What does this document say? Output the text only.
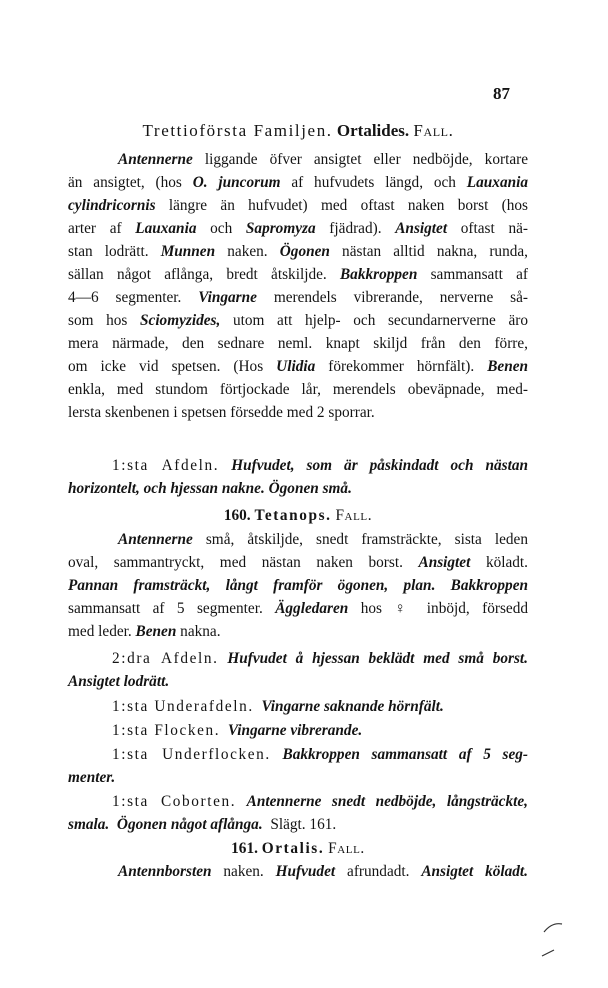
87
Trettioförsta Familjen. Ortalides. Fall.
Antennerne liggande öfver ansigtet eller nedböjde, kortare
än ansigtet, (hos O. juncorum af hufvudets längd, och Lauxania
cylindricornis längre än hufvudet) med oftast naken borst (hos
arter af Lauxania och Sapromyza fjädrad). Ansigtet oftast nä-
stan lodrätt. Munnen naken. Ögonen nästan alltid nakna, runda,
sällan något aflånga, bredt åtskiljde. Bakkroppen sammansatt af
4—6 segmenter. Vingarne merendels vibrerande, nerverne så-
som hos Sciomyzides, utom att hjelp- och secundarnerverne äro
mera närmade, den sednare neml. knapt skiljd från den förre,
om icke vid spetsen. (Hos Ulidia förekommer hörnfält). Benen
enkla, med stundom förtjockade lår, merendels obeväpnade, med-
lersta skenbenen i spetsen försedde med 2 sporrar.
1:sta Afdeln. Hufvudet, som är påskindadt och nästan
horizontelt, och hjessan nakne. Ögonen små.
160. Tetanops. Fall.
Antennerne små, åtskiljde, snedt framsträckte, sista leden
oval, sammantryckt, med nästan naken borst. Ansigtet köladt.
Pannan framsträckt, långt framför ögonen, plan. Bakkroppen
sammansatt af 5 segmenter. Äggledaren hos ♀ inböjd, försedd
med leder. Benen nakna.
2:dra Afdeln. Hufvudet å hjessan beklädt med små borst.
Ansigtet lodrätt.
1:sta Underafdeln. Vingarne saknande hörnfält.
1:sta Flocken. Vingarne vibrerande.
1:sta Underflocken. Bakkroppen sammansatt af 5 seg-
menter.
1:sta Coborten. Antennerne snedt nedböjde, långsträckte,
smala. Ögonen något aflånga. Slägt. 161.
161. Ortalis. Fall.
Antennborsten naken. Hufvudet afrundadt. Ansigtet köladt.
